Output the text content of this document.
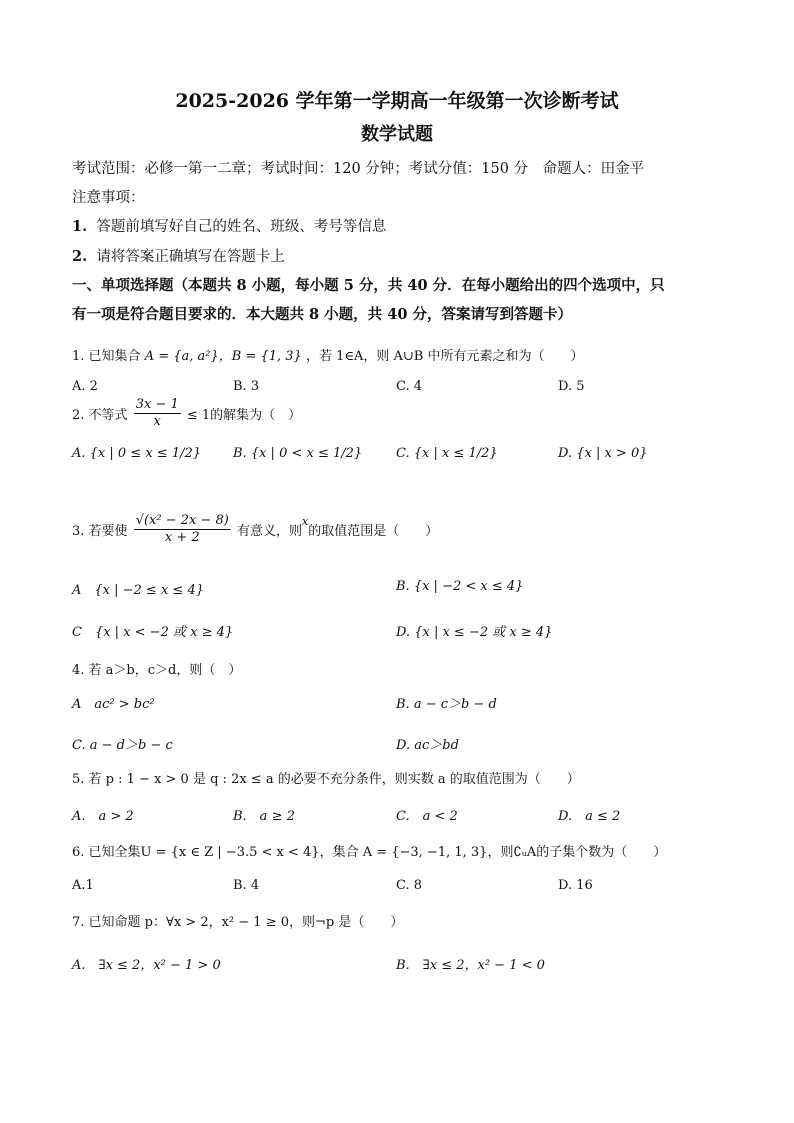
2025-2026 学年第一学期高一年级第一次诊断考试
数学试题
考试范围：必修一第一二章；考试时间：120 分钟；考试分值：150 分　命题人：田金平
注意事项：
1. 答题前填写好自己的姓名、班级、考号等信息
2. 请将答案正确填写在答题卡上
一、单项选择题（本题共 8 小题，每小题 5 分，共 40 分．在每小题给出的四个选项中，只
有一项是符合题目要求的．本大题共 8 小题，共 40 分，答案请写到答题卡）
1. 已知集合 A = {a, a²}，B = {1, 3} ，若 1∈A，则 A∪B 中所有元素之和为（　　）
A. 2	B. 3	C. 4	D. 5
2. 不等式 $\frac{3x - 1}{x} \le 1$的解集为（　）
A. {x | 0 ≤ x ≤ 1/2} B. {x | 0 < x ≤ 1/2}	C. {x | x ≤ 1/2}	D. {x | x > 0}
3. 若要使 $\frac{\text{√(x² − 2x − 8)}}{x + 2}$ 有意义，则$^x$的取值范围是（　　）
A　{x | −2 ≤ x ≤ 4}	B. {x | −2 < x ≤ 4}
C　{x | x < −2 或 x ≥ 4}	D. {x | x ≤ −2 或 x ≥ 4}
4. 若 a＞b，c＞d，则（　）
A　ac² > bc²	B. a − c＞b − d
C. a − d＞b − c	D. ac＞bd
5. 若 p : 1 − x > 0 是 q : 2x ≤ a 的必要不充分条件，则实数 a 的取值范围为（　　）
A.　a > 2	B.　a ≥ 2	C.　a < 2	D.　a ≤ 2
6. 已知全集U = {x ∈ Z | −3.5 < x < 4}，集合 A = {−3, −1, 1, 3}，则∁ᵤA的子集个数为（　　）
A.1	B. 4	C. 8	D. 16
7. 已知命题 p：∀x > 2，x² − 1 ≥ 0，则¬p 是（　　）
A.　∃x ≤ 2，x² − 1 > 0	B.　∃x ≤ 2，x² − 1 < 0
